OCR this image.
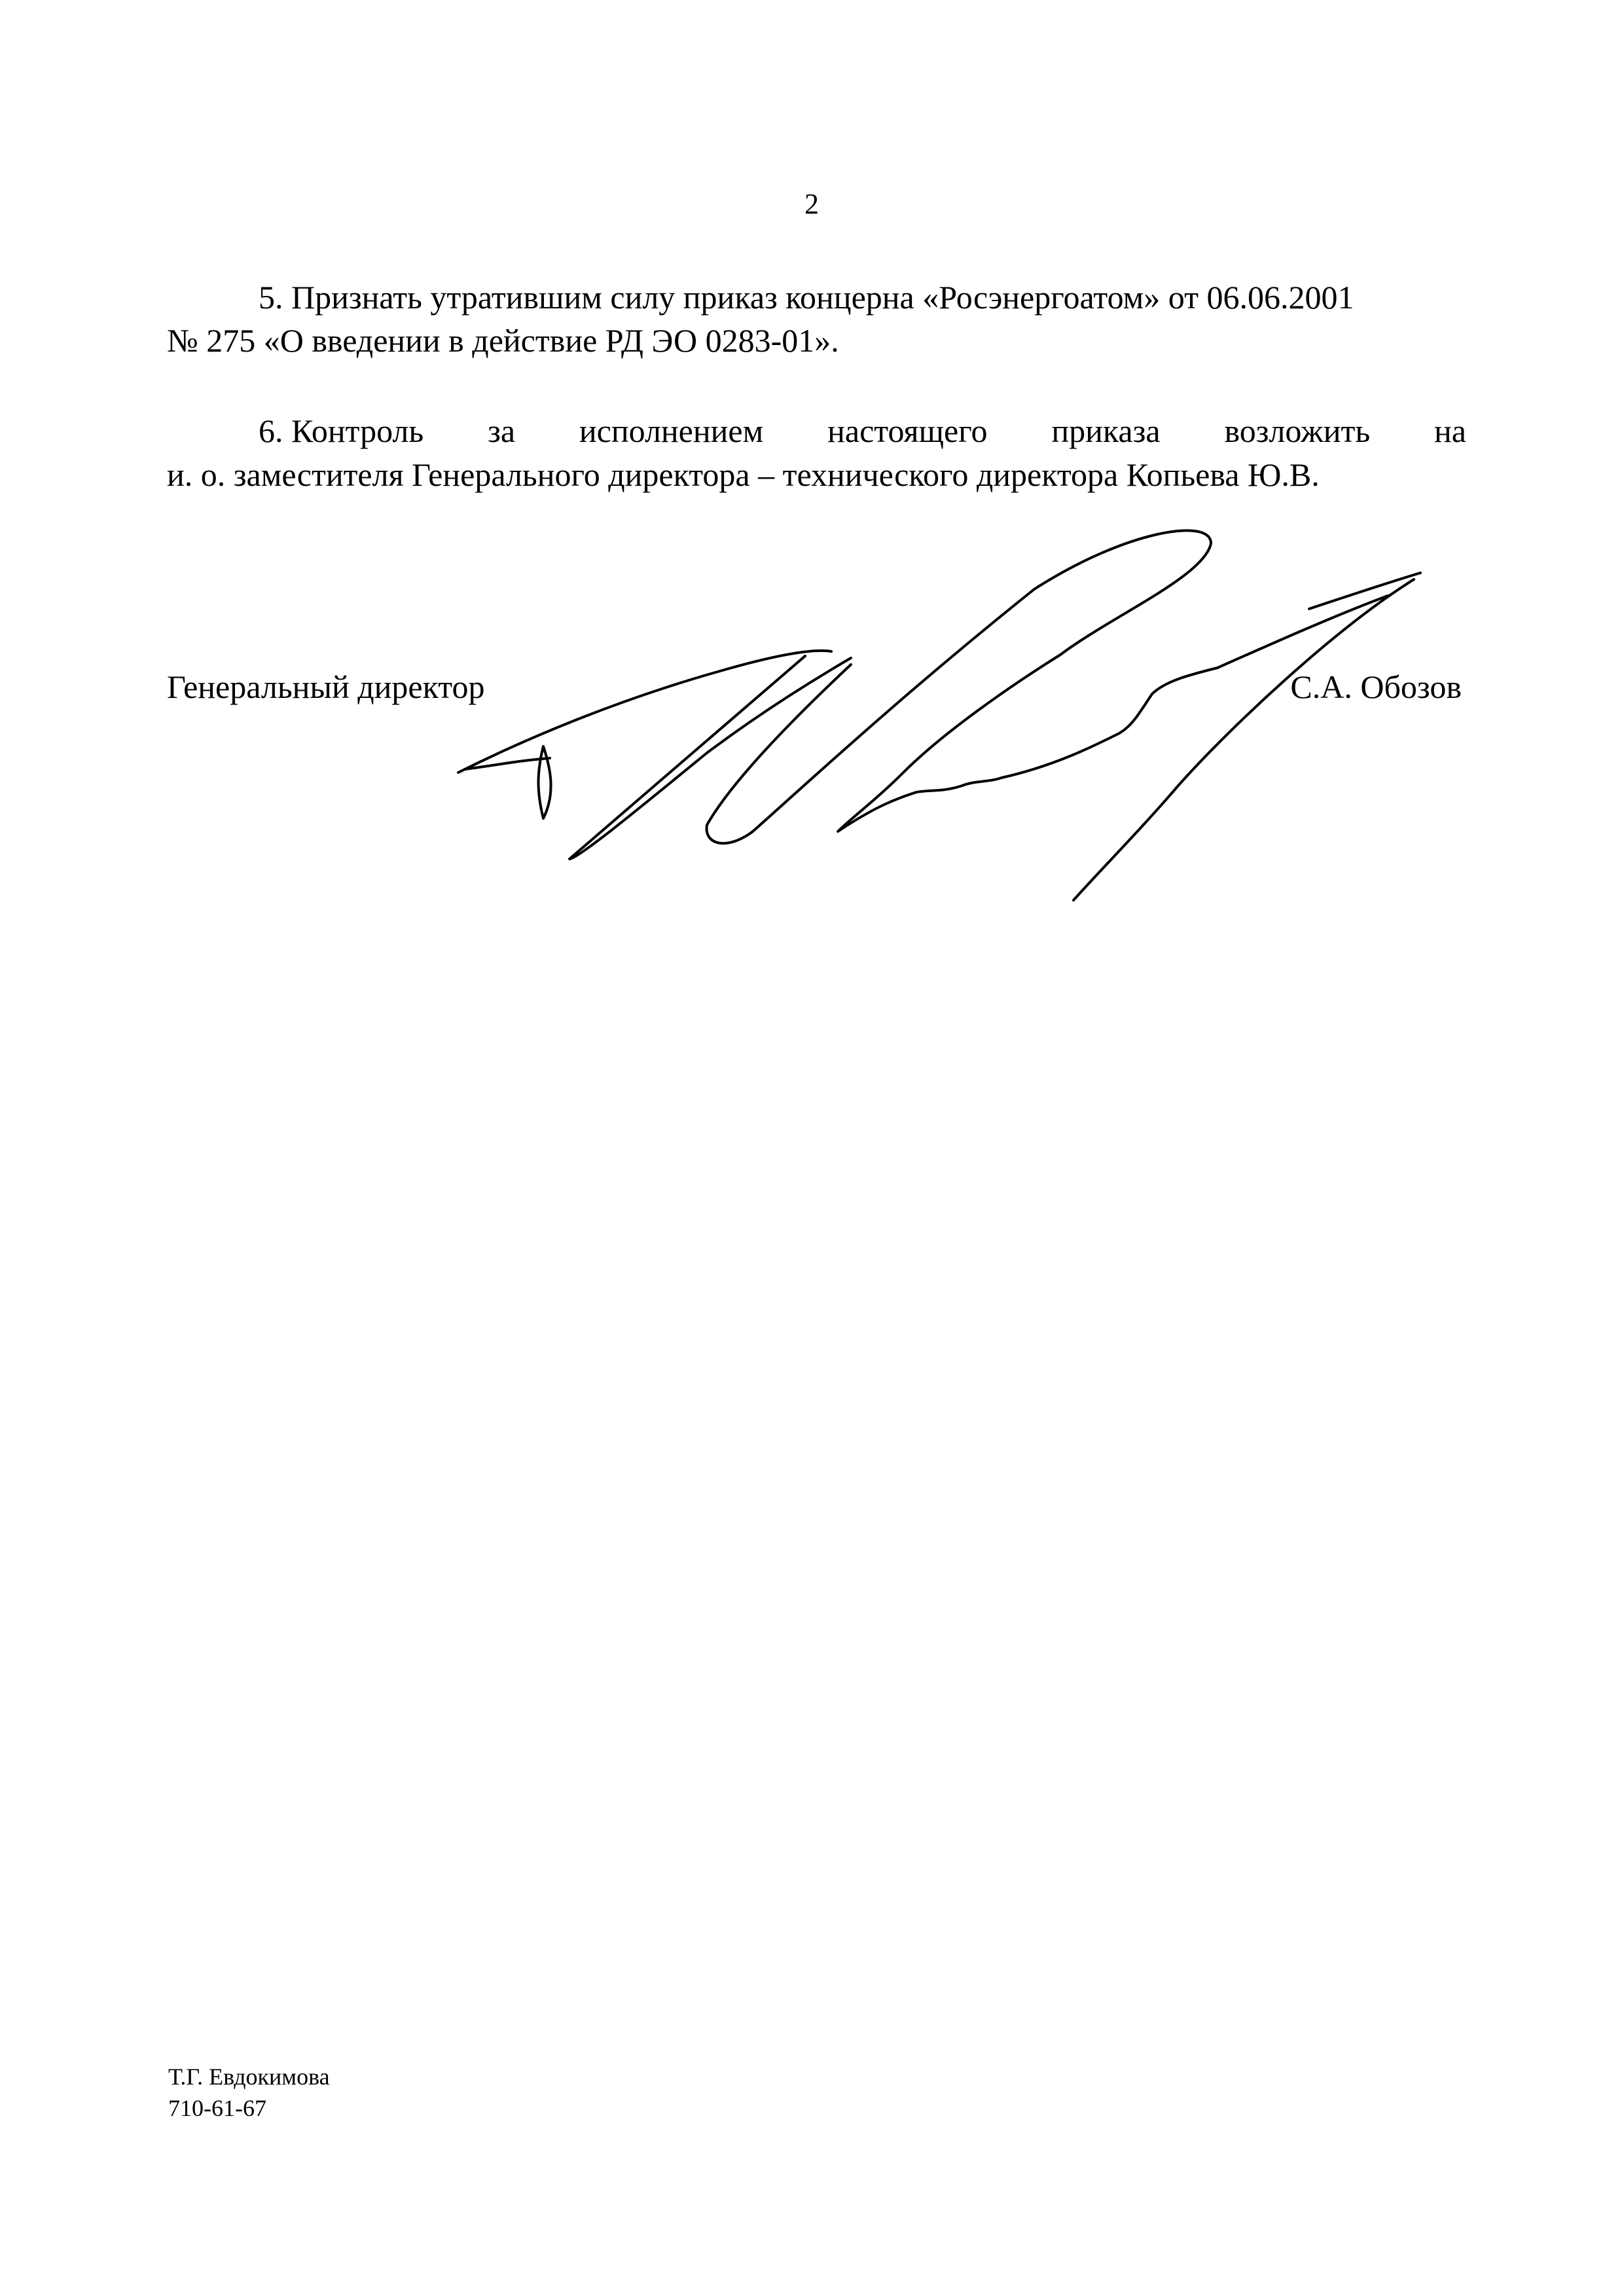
2
5. Признать утратившим силу приказ концерна «Росэнергоатом» от 06.06.2001
№ 275 «О введении в действие РД ЭО 0283-01».
6. Контроль за исполнением настоящего приказа возложить на
и. о. заместителя Генерального директора – технического директора Копьева Ю.В.
Генеральный директор	С.А. Обозов
Т.Г. Евдокимова
710-61-67
